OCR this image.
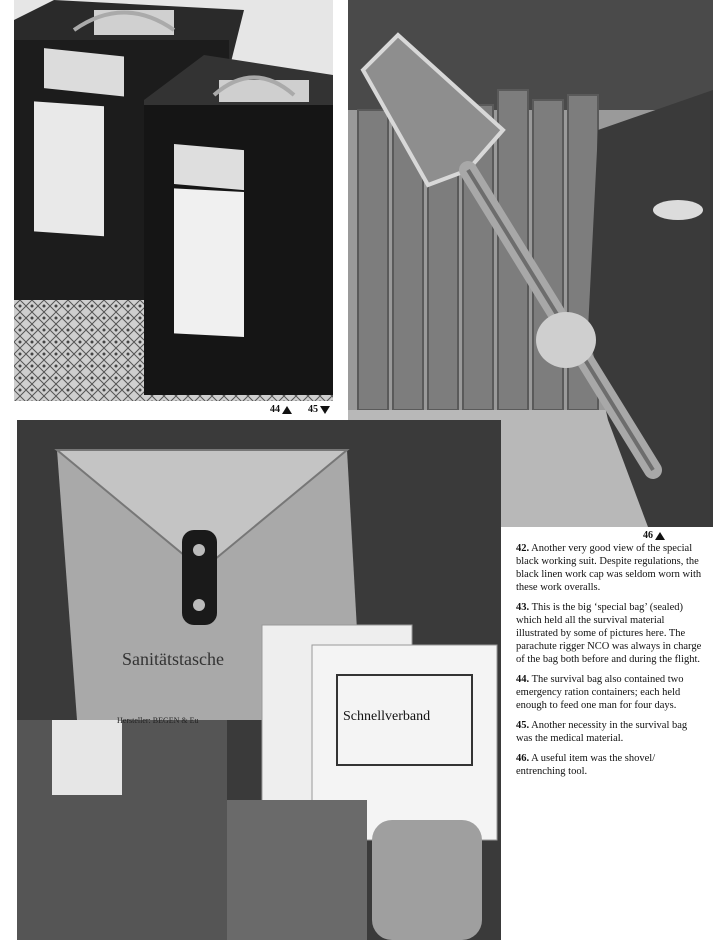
Sanitätstasche
Hersteller: BEGEN & Eu	Schnellverband
44	45
46

42. Another very good view of the special black working suit. Despite regulations, the black linen work cap was seldom worn with these work overalls.

43. This is the big ‘special bag’ (sealed) which held all the survival material illustrated by some of pictures here. The parachute rigger NCO was always in charge of the bag both before and during the flight.

44. The survival bag also contained two emergency ration containers; each held enough to feed one man for four days.

45. Another necessity in the survival bag was the medical material.

46. A useful item was the shovel/ entrenching tool.
